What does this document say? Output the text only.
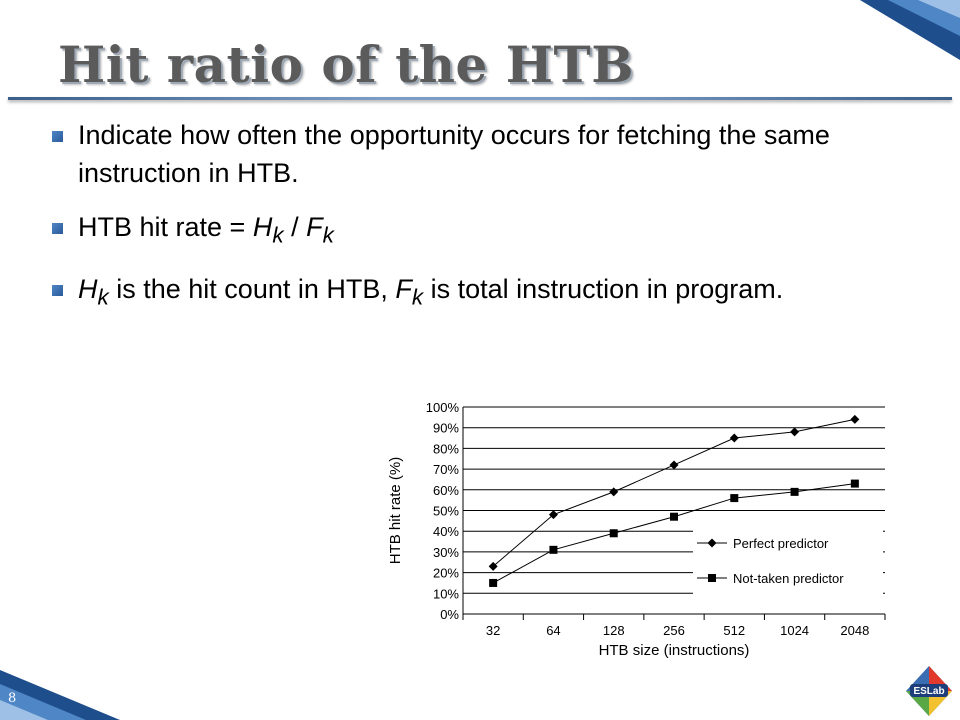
Hit ratio of the HTB
Indicate how often the opportunity occurs for fetching the same instruction in HTB.
HTB hit rate = $H_k / F_k$
$H_k$ is the hit count in HTB, $F_k$ is total instruction in program.
0%
10%
20%
30%
40%
50%
60%
70%
80%
90%
100%
32	64	128	256	512	1024 2048
HTB size (instructions)
HTB hit rate (%)	Perfect predictor
Not-taken predictor
8	ESLab
